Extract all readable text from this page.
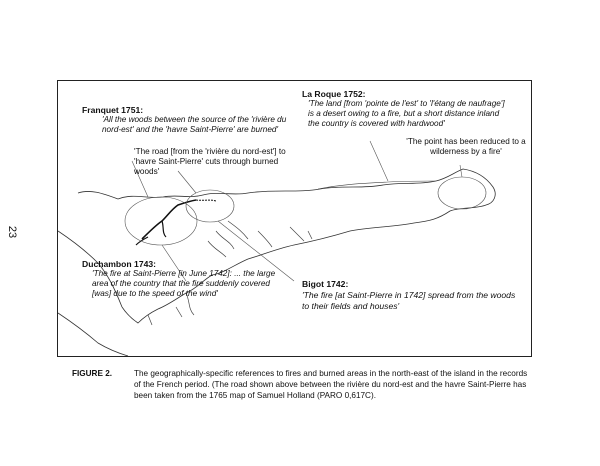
23
Franquet 1751:
'All the woods between the source of the 'rivière du nord-est' and the 'havre Saint-Pierre' are burned'
'The road [from the 'rivière du nord-est'] to 'havre Saint-Pierre' cuts through burned woods'
La Roque 1752:
'The land [from 'pointe de l'est' to 'l'étang de naufrage'] is a desert owing to a fire, but a short distance inland the country is covered with hardwood'
'The point has been reduced to a wilderness by a fire'
Duchambon 1743:
'The fire at Saint-Pierre [in June 1742]: ... the large area of the country that the fire suddenly covered [was] due to the speed of the wind'
Bigot 1742:
'The fire [at Saint-Pierre in 1742] spread from the woods to their fields and houses'
FIGURE 2.	The geographically-specific references to fires and burned areas in the north-east of the island in the records of the French period. (The road shown above between the rivière du nord-est and the havre Saint-Pierre has been taken from the 1765 map of Samuel Holland (PARO 0,617C).
